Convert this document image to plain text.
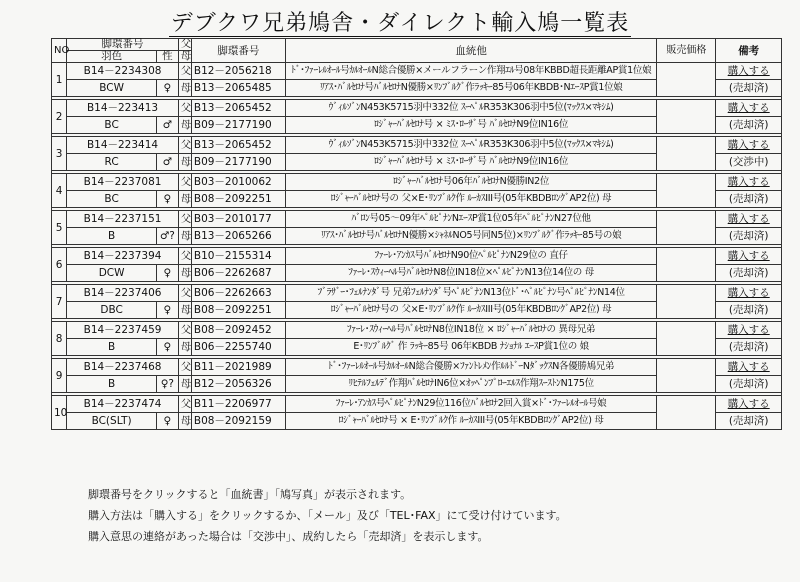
デブクワ兄弟鳩舎・ダイレクト輸入鳩一覧表
NO	脚環番号		父	脚環番号	血統他	販売価格	備考
	羽色	性	母				
1	B14－2234308		父	B12－2056218	ﾄﾞ･ﾌｧｰﾚﾙｵｰﾙ号ｶﾙｵｰﾙN総合優勝×メールフラーン作翔ｴﾙ号08年KBBD超長距離AP賞1位娘		購入する
	BCW	♀	母	B13－2065485	ﾘｱｽ･ﾊﾞﾙｾﾛﾅ号ﾊﾞﾙｾﾛﾅN優勝×ﾘﾝﾌﾞﾙｸﾞ作ﾗｯｷｰ85号06年KBDB･NｴｰｽP賞1位娘		(売却済)

2	B14－223413		父	B13－2065452	ｳﾞｨﾙｿﾞﾝN453K5715羽中332位 ｽｰﾍﾟﾙR353K306羽中5位(ﾏｯｸｽ×ﾏｷｼﾑ)		購入する
	BC	♂	母	B09－2177190	ﾛｼﾞｬｰﾊﾞﾙｾﾛﾅ号 × ﾐｽ･ﾛｰｻﾞ号 ﾊﾞﾙｾﾛﾅN9位IN16位		(売却済)

3	B14－223414		父	B13－2065452	ｳﾞｨﾙｿﾞﾝN453K5715羽中332位 ｽｰﾍﾟﾙR353K306羽中5位(ﾏｯｸｽ×ﾏｷｼﾑ)		購入する
	RC	♂	母	B09－2177190	ﾛｼﾞｬｰﾊﾞﾙｾﾛﾅ号 × ﾐｽ･ﾛｰｻﾞ号 ﾊﾞﾙｾﾛﾅN9位IN16位		(交渉中)

4	B14－2237081		父	B03－2010062	ﾛｼﾞｬｰﾊﾞﾙｾﾛﾅ号06年ﾊﾞﾙｾﾛﾅN優勝IN2位		購入する
	BC	♀	母	B08－2092251	ﾛｼﾞｬｰﾊﾞﾙｾﾛﾅ号の 父×E･ﾘﾝﾌﾞﾙｸ作 ﾙｰｶｽIII号(05年KBDBﾛﾝｸﾞAP2位) 母		(売却済)

5	B14－2237151		父	B03－2010177	ﾊﾞﾛﾝ号05～09年ﾍﾟﾙﾋﾟﾅﾝNｴｰｽP賞1位05年ﾍﾟﾙﾋﾟﾅﾝN27位他		購入する
	B	♂?	母	B13－2065266	ﾘｱｽ･ﾊﾞﾙｾﾛﾅ号ﾊﾞﾙｾﾛﾅN優勝×ｼｬﾈﾙNO5号同N5位)×ﾘﾝﾌﾞﾙｸﾞ作ﾗｯｷｰ85号の娘		(売却済)

6	B14－2237394		父	B10－2155314	ﾌｧｰﾚ･ｱﾝｶｽ号ﾊﾞﾙｾﾛﾅN90位ﾍﾟﾙﾋﾟﾅﾝN29位の 直仔		購入する
	DCW	♀	母	B06－2262687	ﾌｧｰﾚ･ｽｳｨｰﾍﾙ号ﾊﾞﾙｾﾛﾅN8位IN18位×ﾍﾟﾙﾋﾟﾅﾝN13位14位の 母		(売却済)

7	B14－2237406		父	B06－2262663	ﾌﾞﾗｻﾞｰ･ﾌｪﾙﾅﾝﾀﾞ号 兄弟ﾌｪﾙﾅﾝﾀﾞ号ﾍﾟﾙﾋﾟﾅﾝN13位ﾄﾞ･ﾍﾟﾙﾋﾟﾅﾝ号ﾍﾟﾙﾋﾟﾅﾝN14位		購入する
	DBC	♀	母	B08－2092251	ﾛｼﾞｬｰﾊﾞﾙｾﾛﾅ号の 父×E･ﾘﾝﾌﾞﾙｸ作 ﾙｰｶｽIII号(05年KBDBﾛﾝｸﾞAP2位) 母		(売却済)

8	B14－2237459		父	B08－2092452	ﾌｧｰﾚ･ｽｳｨｰﾍﾙ号ﾊﾞﾙｾﾛﾅN8位IN18位 × ﾛｼﾞｬｰﾊﾞﾙｾﾛﾅの 異母兄弟		購入する
	B	♀	母	B06－2255740	E･ﾘﾝﾌﾞﾙｸﾞ 作 ﾗｯｷｰ85号 06年KBDB ﾅｼｮﾅﾙ ｴｰｽP賞1位の 娘		(売却済)

9	B14－2237468		父	B11－2021989	ﾄﾞ･ﾌｧｰﾚﾙｵｰﾙ号ｶﾙｵｰﾙN総合優勝×ﾌｧﾝﾄﾚﾒﾝ作ﾙﾙﾄﾞｰNﾀﾞｯｸｽN各優勝鳩兄弟		購入する
	B	♀?	母	B12－2056326	ﾘﾋﾃﾙﾌｪﾙﾃﾞ作翔ﾊﾞﾙｾﾛﾅIN6位×ｵｯﾍﾟﾝﾌﾟﾛｰｴﾙｽ作翔ｽｰｽﾄﾝN175位		(売却済)

10	B14－2237474		父	B11－2206977	ﾌｧｰﾚ･ｱﾝｶｽ号ﾍﾟﾙﾋﾟﾅﾝN29位116位ﾊﾞﾙｾﾛﾅ2回入賞×ﾄﾞ･ﾌｧｰﾚﾙｵｰﾙ号娘		購入する
	BC(SLT)	♀	母	B08－2092159	ﾛｼﾞｬｰﾊﾞﾙｾﾛﾅ号 × E･ﾘﾝﾌﾞﾙｸ作 ﾙｰｶｽIII号(05年KBDBﾛﾝｸﾞAP2位) 母		(売却済)
脚環番号をクリックすると「血統書」「鳩写真」が表示されます。
購入方法は「購入する」をクリックするか、「メール」及び「TEL･FAX」にて受け付けています。
購入意思の連絡があった場合は「交渉中」、成約したら「売却済」を表示します。
